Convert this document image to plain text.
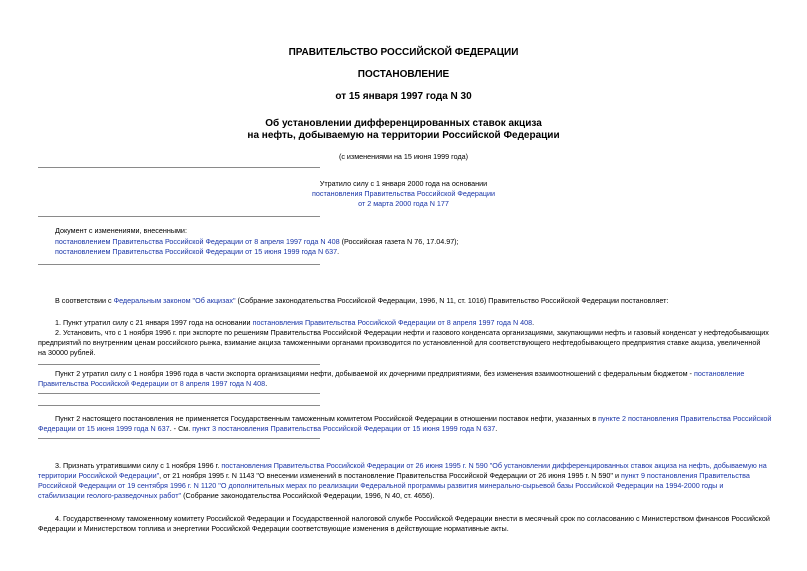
ПРАВИТЕЛЬСТВО РОССИЙСКОЙ ФЕДЕРАЦИИ
ПОСТАНОВЛЕНИЕ
от 15 января 1997 года N 30
Об установлении дифференцированных ставок акциза
на нефть, добываемую на территории Российской Федерации
(с изменениями на 15 июня 1999 года)
Утратило силу с 1 января 2000 года на основании
постановления Правительства Российской Федерации
от 2 марта 2000 года N 177
Документ с изменениями, внесенными:
постановлением Правительства Российской Федерации от 8 апреля 1997 года N 408 (Российская газета N 76, 17.04.97);
постановлением Правительства Российской Федерации от 15 июня 1999 года N 637.
В соответствии с Федеральным законом "Об акцизах" (Собрание законодательства Российской Федерации, 1996, N 11, ст. 1016) Правительство Российской Федерации постановляет:
1. Пункт утратил силу с 21 января 1997 года на основании постановления Правительства Российской Федерации от 8 апреля 1997 года N 408.
2. Установить, что с 1 ноября 1996 г. при экспорте по решениям Правительства Российской Федерации нефти и газового конденсата организациями, закупающими нефть и газовый конденсат у нефтедобывающих
предприятий по внутренним ценам российского рынка, взимание акциза таможенными органами производится по установленной для соответствующего нефтедобывающего предприятия ставке акциза, увеличенной
на 30000 рублей.
Пункт 2 утратил силу с 1 ноября 1996 года в части экспорта организациями нефти, добываемой их дочерними предприятиями, без изменения взаимоотношений с федеральным бюджетом - постановление
Правительства Российской Федерации от 8 апреля 1997 года N 408.
Пункт 2 настоящего постановления не применяется Государственным таможенным комитетом Российской Федерации в отношении поставок нефти, указанных в пункте 2 постановления Правительства Российской
Федерации от 15 июня 1999 года N 637. - См. пункт 3 постановления Правительства Российской Федерации от 15 июня 1999 года N 637.
3. Признать утратившими силу с 1 ноября 1996 г. постановления Правительства Российской Федерации от 26 июня 1995 г. N 590 "Об установлении дифференцированных ставок акциза на нефть, добываемую на
территории Российской Федерации", от 21 ноября 1995 г. N 1143 "О внесении изменений в постановление Правительства Российской Федерации от 26 июня 1995 г. N 590" и пункт 9 постановления Правительства
Российской Федерации от 19 сентября 1996 г. N 1120 "О дополнительных мерах по реализации Федеральной программы развития минерально-сырьевой базы Российской Федерации на 1994-2000 годы и
стабилизации геолого-разведочных работ" (Собрание законодательства Российской Федерации, 1996, N 40, ст. 4656).
4. Государственному таможенному комитету Российской Федерации и Государственной налоговой службе Российской Федерации внести в месячный срок по согласованию с Министерством финансов Российской
Федерации и Министерством топлива и энергетики Российской Федерации соответствующие изменения в действующие нормативные акты.
